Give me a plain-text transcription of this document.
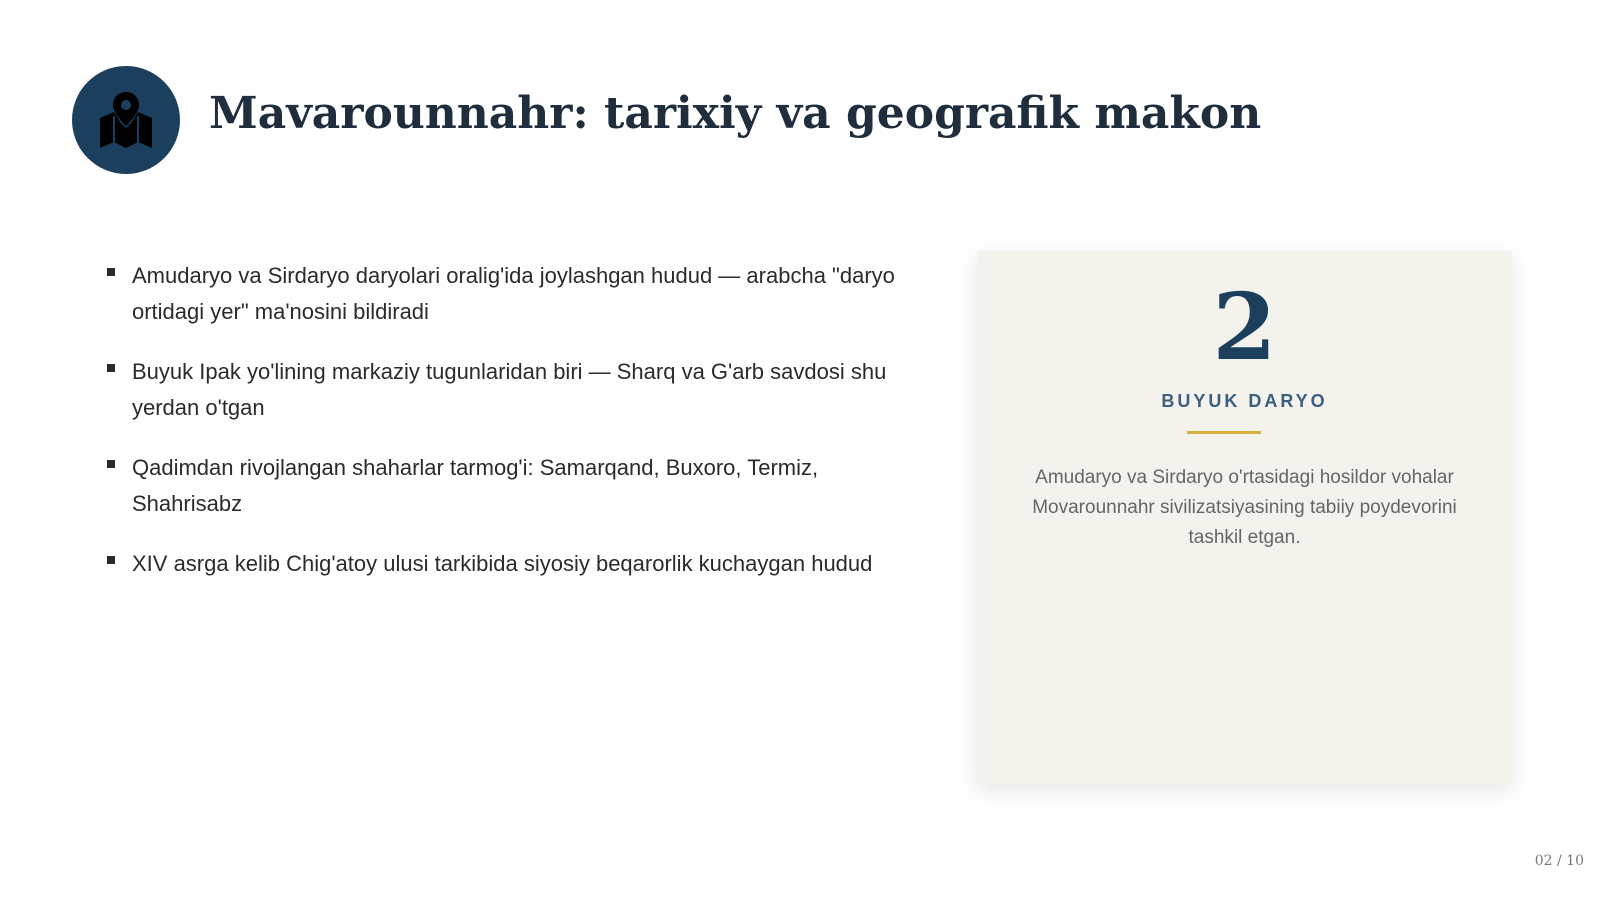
Mavarounnahr: tarixiy va geografik makon
Amudaryo va Sirdaryo daryolari oralig'ida joylashgan hudud — arabcha "daryo ortidagi yer" ma'nosini bildiradi
Buyuk Ipak yo'lining markaziy tugunlaridan biri — Sharq va G'arb savdosi shu yerdan o'tgan
Qadimdan rivojlangan shaharlar tarmog'i: Samarqand, Buxoro, Termiz, Shahrisabz
XIV asrga kelib Chig'atoy ulusi tarkibida siyosiy beqarorlik kuchaygan hudud
2
BUYUK DARYO

Amudaryo va Sirdaryo o'rtasidagi hosildor vohalar Movarounnahr sivilizatsiyasining tabiiy poydevorini tashkil etgan.

02 / 10
